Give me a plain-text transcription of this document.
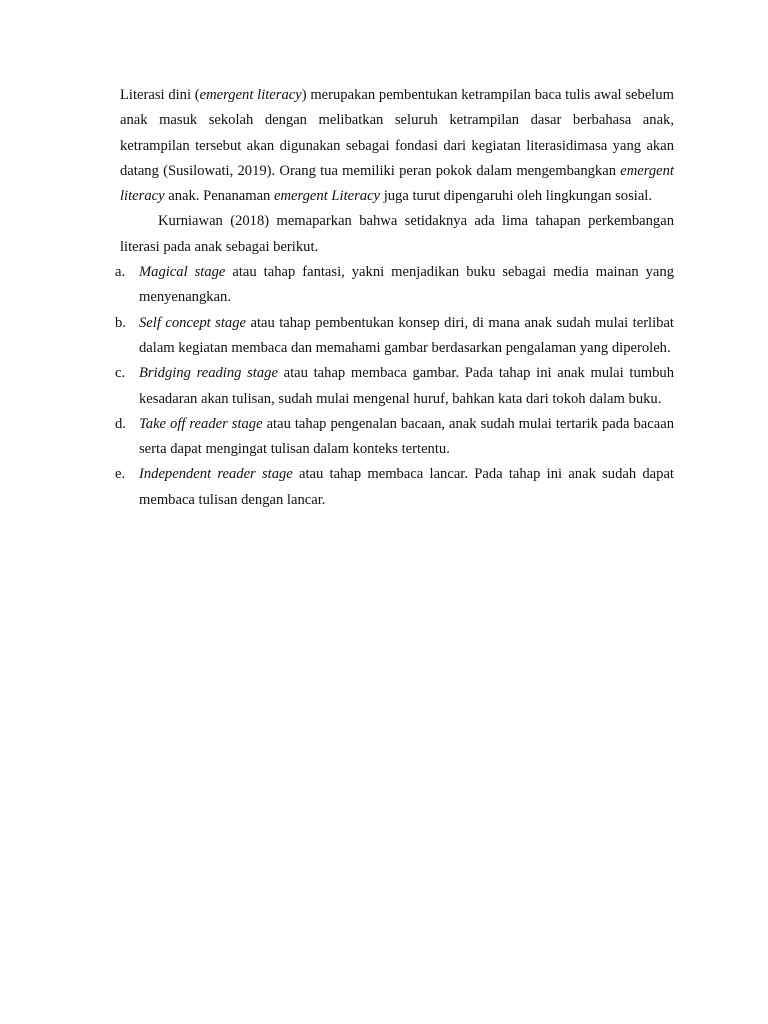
Literasi dini (emergent literacy) merupakan pembentukan ketrampilan baca tulis awal sebelum anak masuk sekolah dengan melibatkan seluruh ketrampilan dasar berbahasa anak, ketrampilan tersebut akan digunakan sebagai fondasi dari kegiatan literasidimasa yang akan datang (Susilowati, 2019). Orang tua memiliki peran pokok dalam mengembangkan emergent literacy anak. Penanaman emergent Literacy juga turut dipengaruhi oleh lingkungan sosial.

Kurniawan (2018) memaparkan bahwa setidaknya ada lima tahapan perkembangan literasi pada anak sebagai berikut.

a. Magical stage atau tahap fantasi, yakni menjadikan buku sebagai media mainan yang menyenangkan.
b. Self concept stage atau tahap pembentukan konsep diri, di mana anak sudah mulai terlibat dalam kegiatan membaca dan memahami gambar berdasarkan pengalaman yang diperoleh.
c. Bridging reading stage atau tahap membaca gambar. Pada tahap ini anak mulai tumbuh kesadaran akan tulisan, sudah mulai mengenal huruf, bahkan kata dari tokoh dalam buku.
d. Take off reader stage atau tahap pengenalan bacaan, anak sudah mulai tertarik pada bacaan serta dapat mengingat tulisan dalam konteks tertentu.
e. Independent reader stage atau tahap membaca lancar. Pada tahap ini anak sudah dapat membaca tulisan dengan lancar.
